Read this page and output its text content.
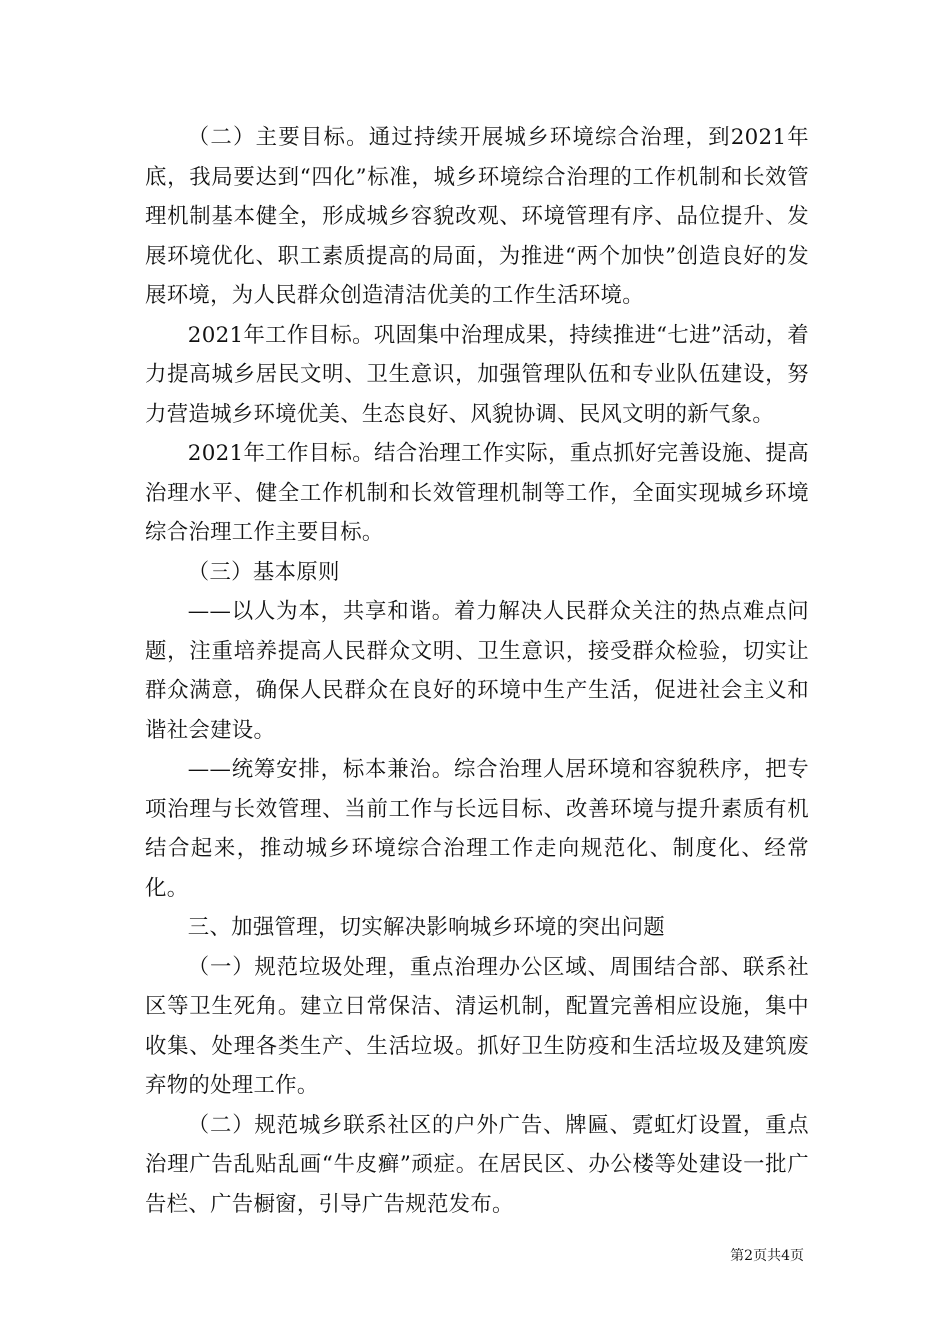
（二）主要目标。通过持续开展城乡环境综合治理，到2021年底，我局要达到“四化”标准，城乡环境综合治理的工作机制和长效管理机制基本健全，形成城乡容貌改观、环境管理有序、品位提升、发展环境优化、职工素质提高的局面，为推进“两个加快”创造良好的发展环境，为人民群众创造清洁优美的工作生活环境。

2021年工作目标。巩固集中治理成果，持续推进“七进”活动，着力提高城乡居民文明、卫生意识，加强管理队伍和专业队伍建设，努力营造城乡环境优美、生态良好、风貌协调、民风文明的新气象。

2021年工作目标。结合治理工作实际，重点抓好完善设施、提高治理水平、健全工作机制和长效管理机制等工作，全面实现城乡环境综合治理工作主要目标。

（三）基本原则

——以人为本，共享和谐。着力解决人民群众关注的热点难点问题，注重培养提高人民群众文明、卫生意识，接受群众检验，切实让群众满意，确保人民群众在良好的环境中生产生活，促进社会主义和谐社会建设。

——统筹安排，标本兼治。综合治理人居环境和容貌秩序，把专项治理与长效管理、当前工作与长远目标、改善环境与提升素质有机结合起来，推动城乡环境综合治理工作走向规范化、制度化、经常化。

三、加强管理，切实解决影响城乡环境的突出问题

（一）规范垃圾处理，重点治理办公区域、周围结合部、联系社区等卫生死角。建立日常保洁、清运机制，配置完善相应设施，集中收集、处理各类生产、生活垃圾。抓好卫生防疫和生活垃圾及建筑废弃物的处理工作。

（二）规范城乡联系社区的户外广告、牌匾、霓虹灯设置，重点治理广告乱贴乱画“牛皮癣”顽症。在居民区、办公楼等处建设一批广告栏、广告橱窗，引导广告规范发布。

第2页共4页
